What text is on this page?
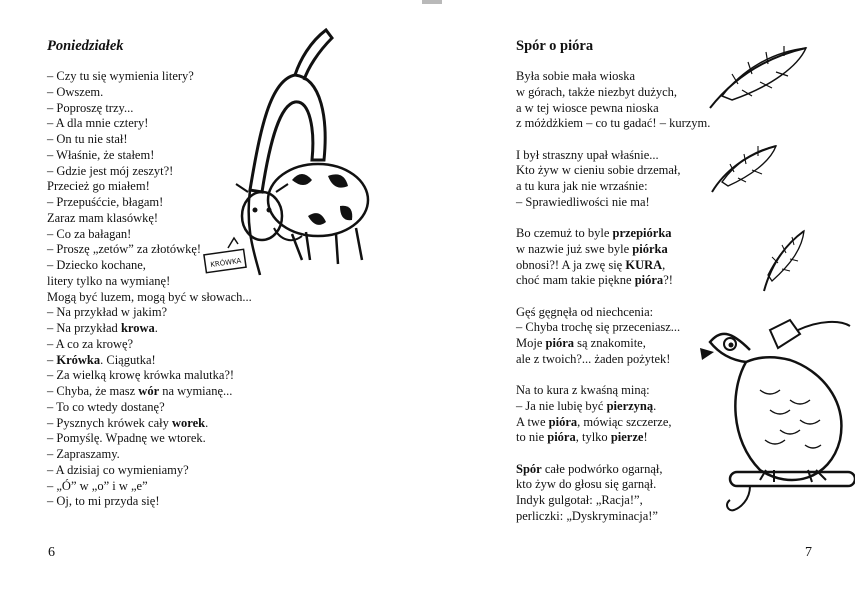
Poniedziałek
– Czy tu się wymienia litery?
– Owszem.
– Poproszę trzy...
– A dla mnie cztery!
– On tu nie stał!
– Właśnie, że stałem!
– Gdzie jest mój zeszyt?!
Przecież go miałem!
– Przepuśćcie, błagam!
Zaraz mam klasówkę!
– Co za bałagan!
– Proszę „zetów” za złotówkę!
– Dziecko kochane,
litery tylko na wymianę!
Mogą być luzem, mogą być w słowach...
– Na przykład w jakim?
– Na przykład krowa.
– A co za krowę?
– Krówka. Ciągutka!
– Za wielką krowę krówka malutka?!
– Chyba, że masz wór na wymianę...
– To co wtedy dostanę?
– Pysznych krówek cały worek.
– Pomyślę. Wpadnę we wtorek.
– Zapraszamy.
– A dzisiaj co wymieniamy?
– „Ó” w „o” i w „e”
– Oj, to mi przyda się!
KRÓWKA
6
Spór o pióra

Była sobie mała wioska
w górach, także niezbyt dużych,
a w tej wiosce pewna nioska
z móżdżkiem – co tu gadać! – kurzym.

I był straszny upał właśnie...
Kto żyw w cieniu sobie drzemał,
a tu kura jak nie wrzaśnie:
– Sprawiedliwości nie ma!

Bo czemuż to byle przepiórka
w nazwie już swe byle piórka
obnosi?! A ja zwę się KURA,
choć mam takie piękne pióra?!

Gęś gęgnęła od niechcenia:
– Chyba trochę się przeceniasz...
Moje pióra są znakomite,
ale z twoich?... żaden pożytek!

Na to kura z kwaśną miną:
– Ja nie lubię być pierzyną.
A twe pióra, mówiąc szczerze,
to nie pióra, tylko pierze!

Spór całe podwórko ogarnął,
kto żyw do głosu się garnął.
Indyk gulgotał: „Racja!”,
perliczki: „Dyskryminacja!”

7
